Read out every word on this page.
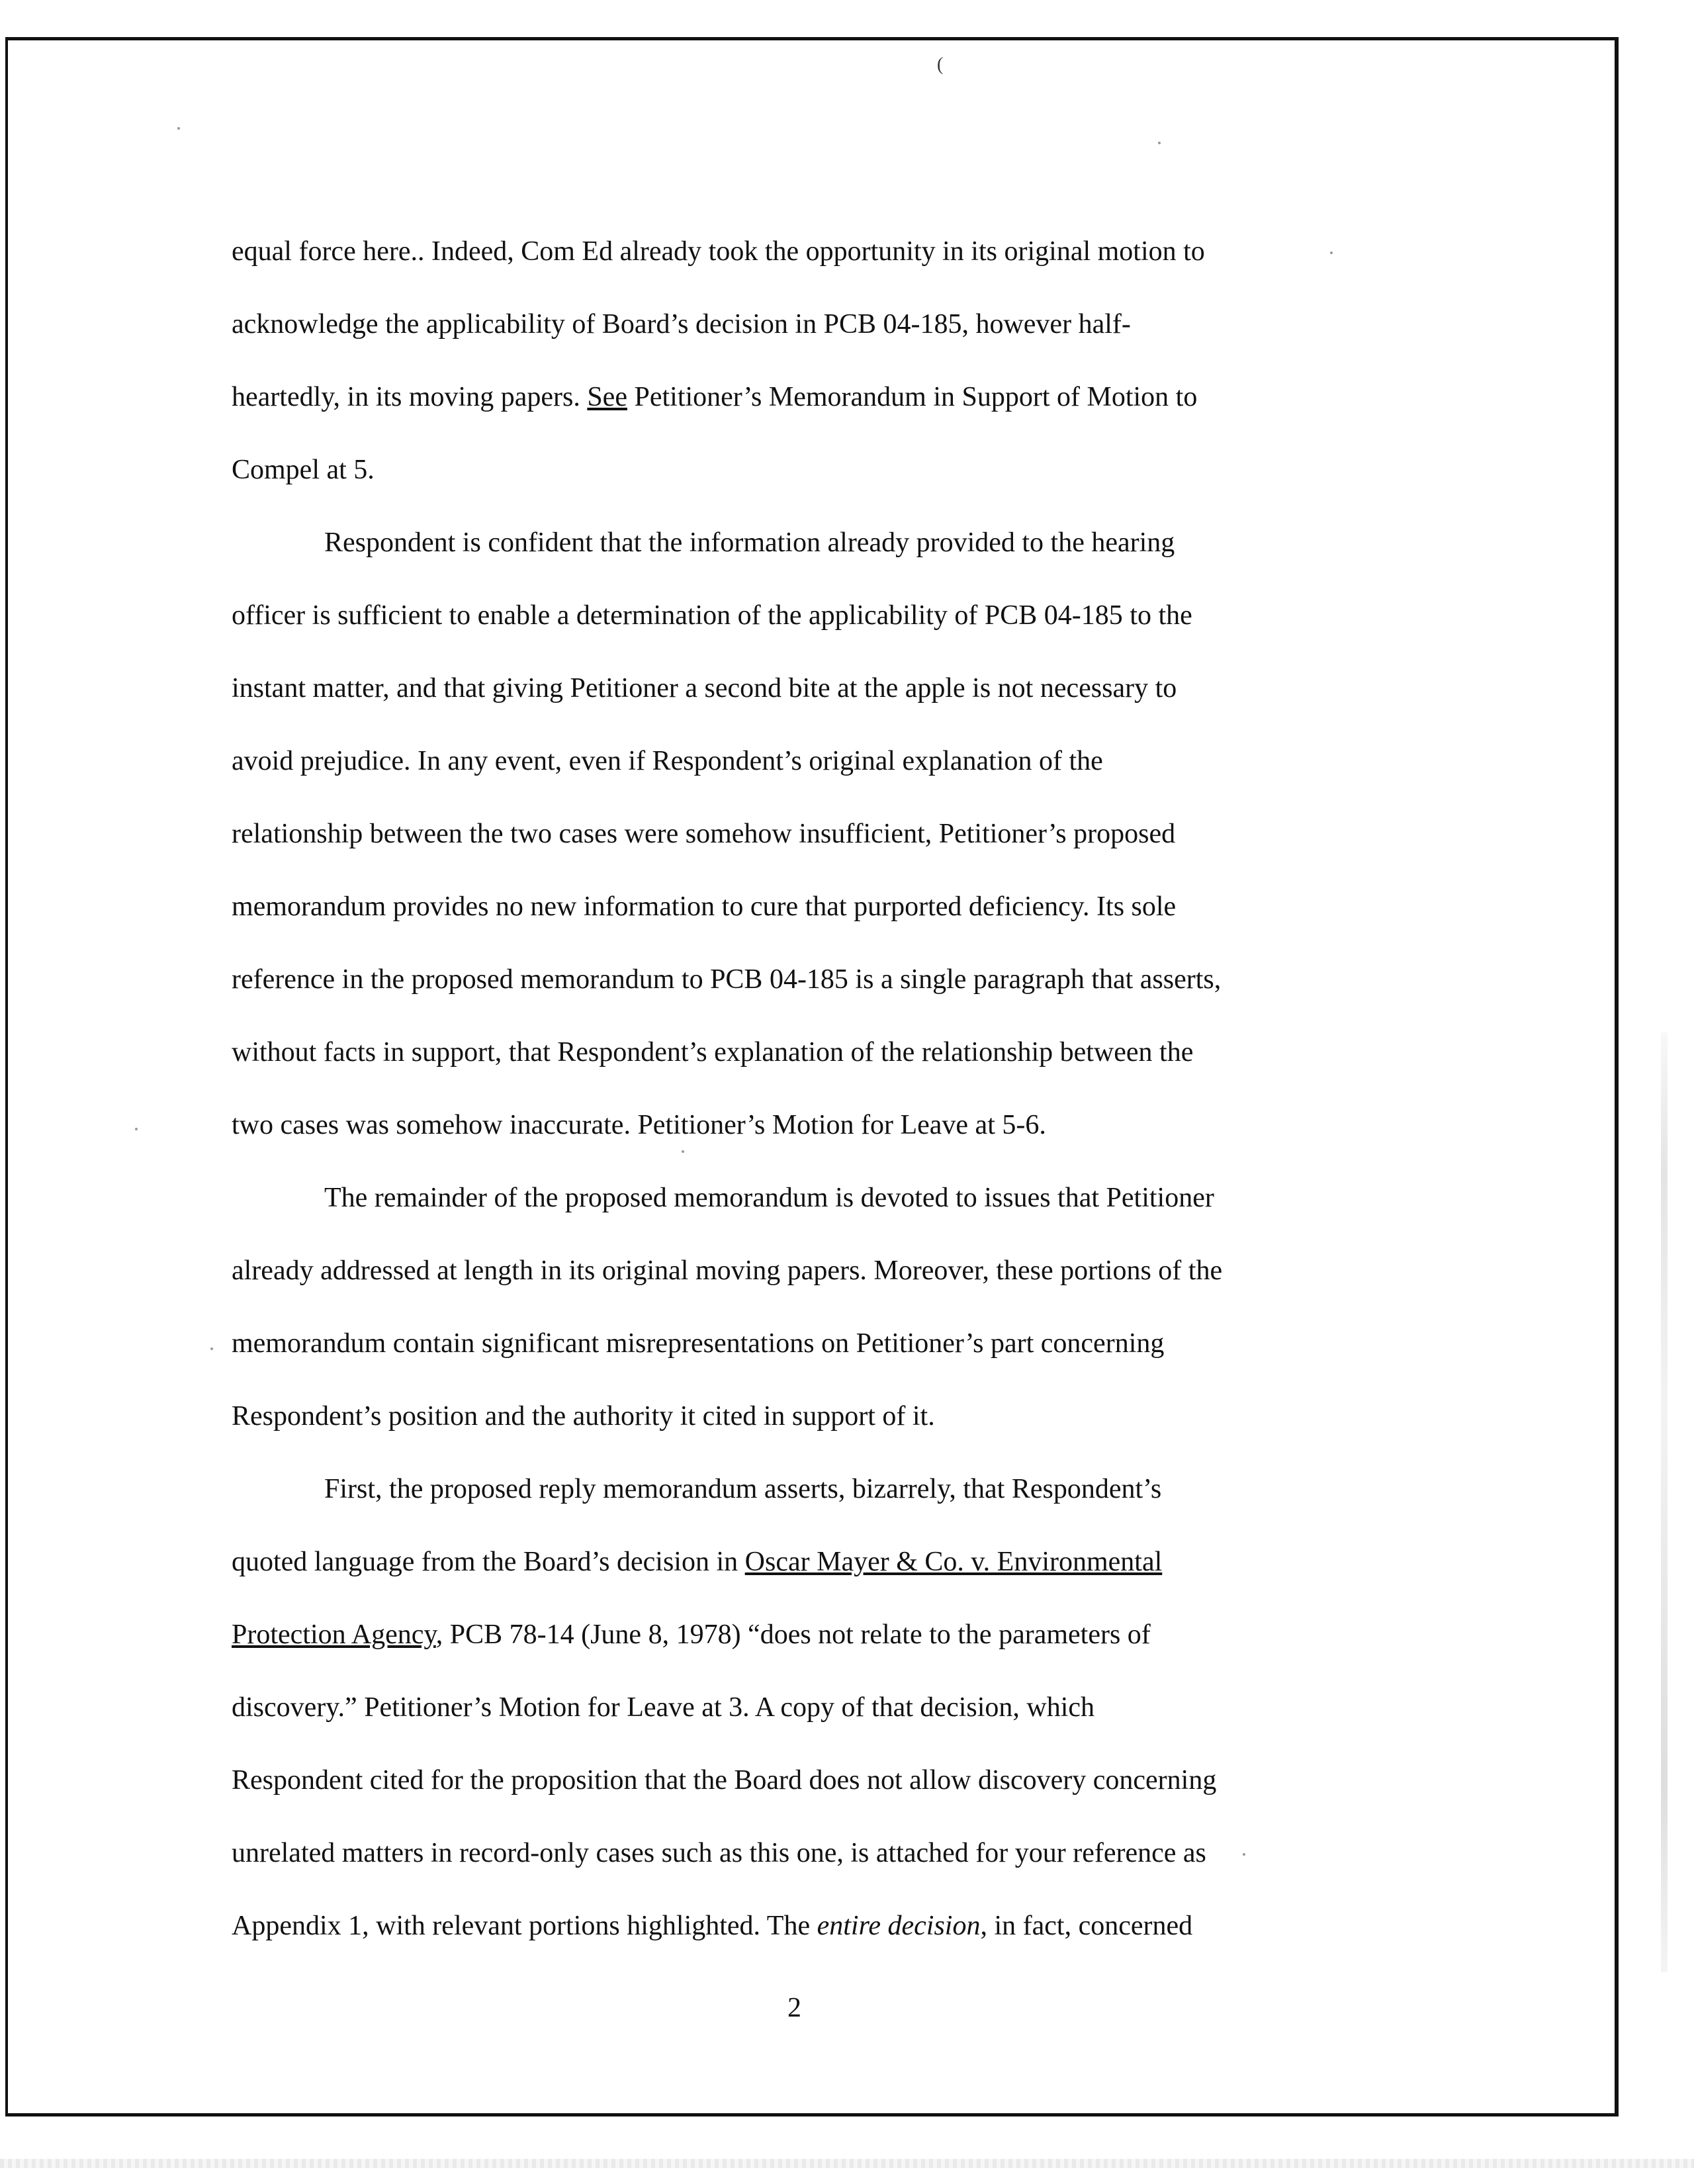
(
equal force here.. Indeed, Com Ed already took the opportunity in its original motion to
acknowledge the applicability of Board’s decision in PCB 04-185, however half-
heartedly, in its moving papers. See Petitioner’s Memorandum in Support of Motion to
Compel at 5.
Respondent is confident that the information already provided to the hearing
officer is sufficient to enable a determination of the applicability of PCB 04-185 to the
instant matter, and that giving Petitioner a second bite at the apple is not necessary to
avoid prejudice. In any event, even if Respondent’s original explanation of the
relationship between the two cases were somehow insufficient, Petitioner’s proposed
memorandum provides no new information to cure that purported deficiency. Its sole
reference in the proposed memorandum to PCB 04-185 is a single paragraph that asserts,
without facts in support, that Respondent’s explanation of the relationship between the
two cases was somehow inaccurate. Petitioner’s Motion for Leave at 5-6.
The remainder of the proposed memorandum is devoted to issues that Petitioner
already addressed at length in its original moving papers. Moreover, these portions of the
memorandum contain significant misrepresentations on Petitioner’s part concerning
Respondent’s position and the authority it cited in support of it.
First, the proposed reply memorandum asserts, bizarrely, that Respondent’s
quoted language from the Board’s decision in Oscar Mayer & Co. v. Environmental
Protection Agency, PCB 78-14 (June 8, 1978) “does not relate to the parameters of
discovery.” Petitioner’s Motion for Leave at 3. A copy of that decision, which
Respondent cited for the proposition that the Board does not allow discovery concerning
unrelated matters in record-only cases such as this one, is attached for your reference as
Appendix 1, with relevant portions highlighted. The entire decision, in fact, concerned
2
